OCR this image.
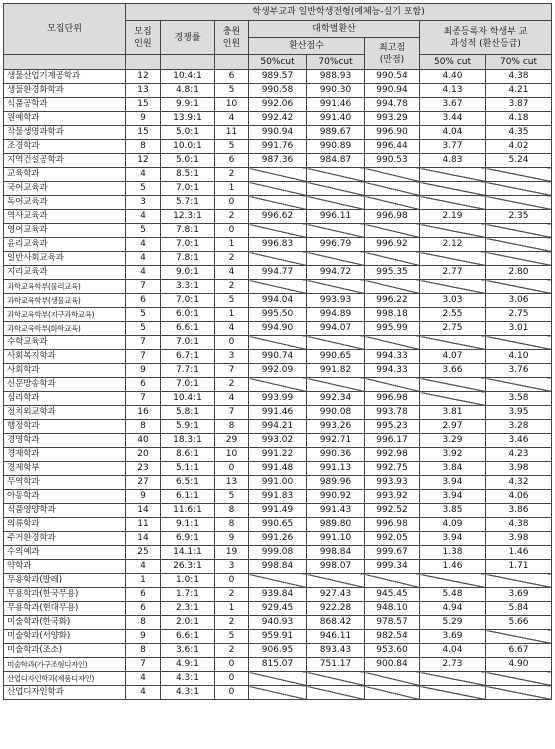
모집단위	학생부교과 일반학생전형(예체능-실기 포함)							

	모집 인원	경쟁률	충원 인원	대학별환산			최종등록자 학생부 교과성적 (환산등급)	

				환산점수		최고점 (만점)		

				50%cut	70%cut		50% cut	70% cut
생물산업기계공학과	12	10.4:1	6	989.57	988.93	990.54	4.40	4.38
생물환경화학과	13	4.8:1	5	990.58	990.30	990.94	4.13	4.21
식품공학과	15	9.9:1	10	992.06	991.46	994.78	3.67	3.87
원예학과	9	13.9:1	4	992.42	991.40	993.29	3.44	4.18
작물생명과학과	15	5.0:1	11	990.94	989.67	996.90	4.04	4.35
조경학과	8	10.0:1	5	991.76	990.89	996.44	3.77	4.02
지역건설공학과	12	5.0:1	6	987.36	984.87	990.53	4.83	5.24
교육학과	4	8.5:1	2					
국어교육과	5	7.0:1	1					
독어교육과	3	5.7:1	0					
역사교육과	4	12.3:1	2	996.62	996.11	996.98	2.19	2.35
영어교육과	5	7.8:1	0					
윤리교육과	4	7.0:1	1	996.83	996.79	996.92	2.12	
일반사회교육과	4	7.8:1	2					
지리교육과	4	9.0:1	4	994.77	994.72	995.35	2.77	2.80
과학교육학부(물리교육)	7	3.3:1	2					
과학교육학부(생물교육)	6	7.0:1	5	994.04	993.93	996.22	3.03	3.06
과학교육학부(지구과학교육)	5	6.0:1	1	995.50	994.89	998.18	2.55	2.75
과학교육학부(화학교육)	5	6.6:1	4	994.90	994.07	995.99	2.75	3.01
수학교육과	7	7.0:1	0					
사회복지학과	7	6.7:1	3	990.74	990.65	994.33	4.07	4.10
사회학과	9	7.7:1	7	992.09	991.82	994.33	3.66	3.76
신문방송학과	6	7.0:1	2					
심리학과	7	10.4:1	4	993.99	992.34	996.98		3.58
정치외교학과	16	5.8:1	7	991.46	990.08	993.78	3.81	3.95
행정학과	8	5.9:1	8	994.21	993.26	995.23	2.97	3.28
경영학과	40	18.3:1	29	993.02	992.71	996.17	3.29	3.46
경제학과	20	8.6:1	10	991.22	990.36	992.98	3.92	4.23
경제학부	23	5.1:1	0	991.48	991.13	992.75	3.84	3.98
무역학과	27	6.5:1	13	991.00	989.96	993.93	3.94	4.32
아동학과	9	6.1:1	5	991.83	990.92	993.92	3.94	4.06
식품영양학과	14	11.6:1	8	991.49	991.43	992.52	3.85	3.86
의류학과	11	9.1:1	8	990.65	989.80	996.98	4.09	4.38
주거환경학과	14	6.9:1	9	991.26	991.10	992.05	3.94	3.98
수의예과	25	14.1:1	19	999.08	998.84	999.67	1.38	1.46
약학과	4	26.3:1	3	998.84	998.07	999.34	1.46	1.71
무용학과(발레)	1	1.0:1	0					
무용학과(한국무용)	6	1.7:1	2	939.84	927.43	945.45	5.48	3.69
무용학과(현대무용)	6	2.3:1	1	929.45	922.28	948.10	4.94	5.84
미술학과(한국화)	8	2.0:1	2	940.93	868.42	978.57	5.29	5.66
미술학과(서양화)	9	6.6:1	5	959.91	946.11	982.54	3.69	
미술학과(조소)	8	3.6:1	2	906.95	893.43	953.60	4.04	6.67
미술학과(가구조형디자인)	7	4.9:1	0	815.07	751.17	900.84	2.73	4.90
산업디자인학과(제품디자인)	4	4.3:1	0					
산업디자인학과	4	4.3:1	0					
